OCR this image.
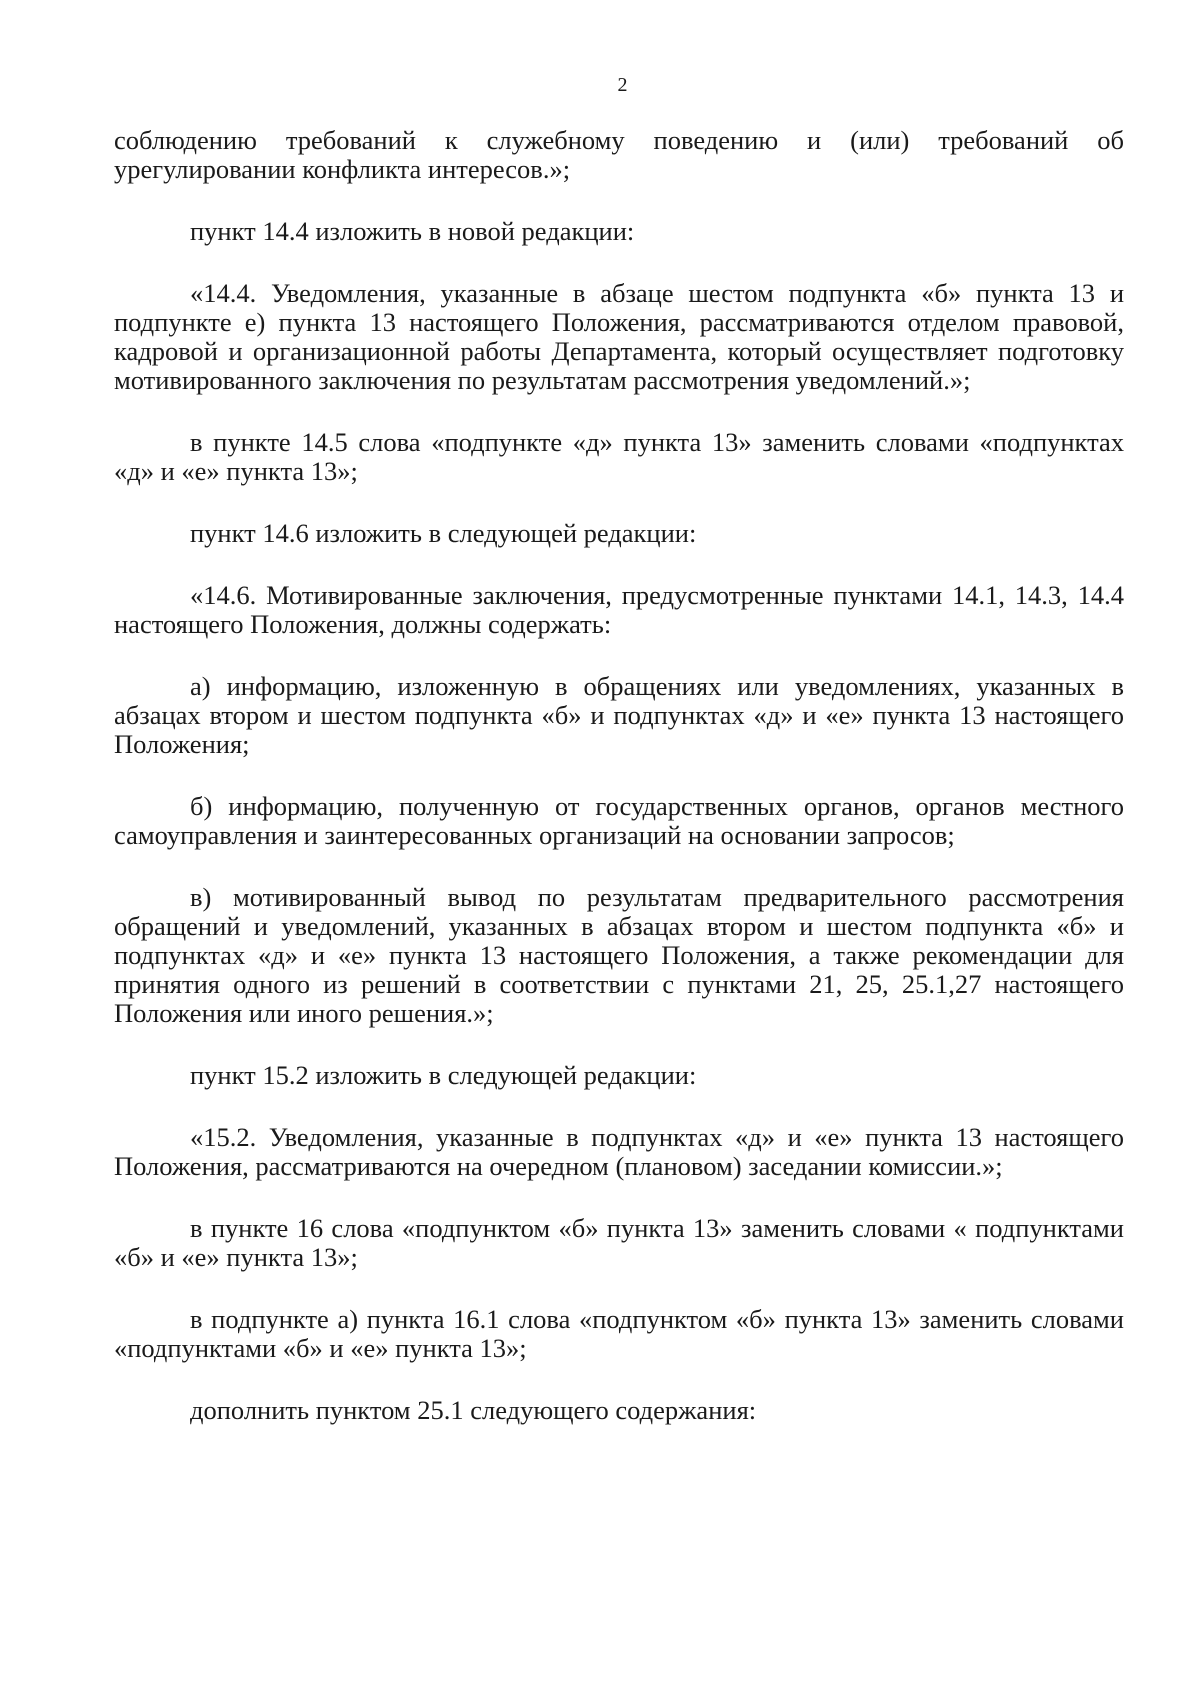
2

соблюдению требований к служебному поведению и (или) требований об урегулировании конфликта интересов.»;

пункт 14.4 изложить в новой редакции:

«14.4. Уведомления, указанные в абзаце шестом подпункта «б» пункта 13 и подпункте е) пункта 13 настоящего Положения, рассматриваются отделом правовой, кадровой и организационной работы Департамента, который осуществляет подготовку мотивированного заключения по результатам рассмотрения уведомлений.»;

в пункте 14.5 слова «подпункте «д» пункта 13» заменить словами «подпунктах «д» и «е» пункта 13»;

пункт 14.6 изложить в следующей редакции:

«14.6. Мотивированные заключения, предусмотренные пунктами 14.1, 14.3, 14.4 настоящего Положения, должны содержать:

а) информацию, изложенную в обращениях или уведомлениях, указанных в абзацах втором и шестом подпункта «б» и подпунктах «д» и «е» пункта 13 настоящего Положения;

б) информацию, полученную от государственных органов, органов местного самоуправления и заинтересованных организаций на основании запросов;

в) мотивированный вывод по результатам предварительного рассмотрения обращений и уведомлений, указанных в абзацах втором и шестом подпункта «б» и подпунктах «д» и «е» пункта 13 настоящего Положения, а также рекомендации для принятия одного из решений в соответствии с пунктами 21, 25, 25.1,27 настоящего Положения или иного решения.»;

пункт 15.2 изложить в следующей редакции:

«15.2. Уведомления, указанные в подпунктах «д» и «е» пункта 13 настоящего Положения, рассматриваются на очередном (плановом) заседании комиссии.»;

в пункте 16 слова «подпунктом «б» пункта 13» заменить словами « подпунктами «б» и «е» пункта 13»;

в подпункте а) пункта 16.1 слова «подпунктом «б» пункта 13» заменить словами «подпунктами «б» и «е» пункта 13»;

дополнить пунктом 25.1 следующего содержания:
